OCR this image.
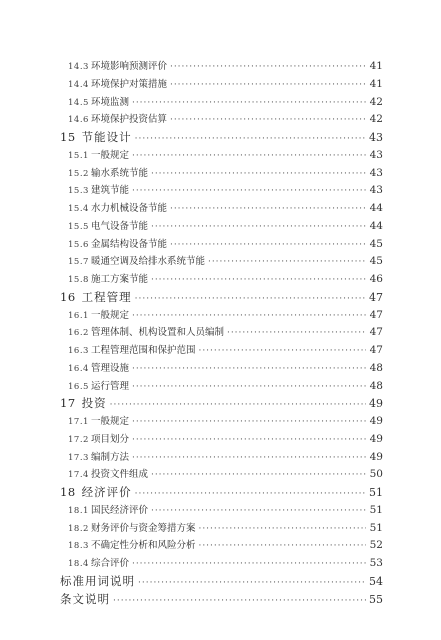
14.3 环境影响预测评价 ·····	41
14.4 环境保护对策措施 ·····	41
14.5 环境监测 ·····	42
14.6 环境保护投资估算 ·····	42
15 节能设计 ·····	43
15.1 一般规定 ·····	43
15.2 输水系统节能 ·····	43
15.3 建筑节能 ·····	43
15.4 水力机械设备节能 ·····	44
15.5 电气设备节能 ·····	44
15.6 金属结构设备节能 ·····	45
15.7 暖通空调及给排水系统节能 ·····	45
15.8 施工方案节能 ·····	46
16 工程管理 ·····	47
16.1 一般规定 ·····	47
16.2 管理体制、机构设置和人员编制 ·····	47
16.3 工程管理范围和保护范围 ·····	47
16.4 管理设施 ·····	48
16.5 运行管理 ·····	48
17 投资 ·····	49
17.1 一般规定 ·····	49
17.2 项目划分 ·····	49
17.3 编制方法 ·····	49
17.4 投资文件组成 ·····	50
18 经济评价 ·····	51
18.1 国民经济评价 ·····	51
18.2 财务评价与资金筹措方案 ·····	51
18.3 不确定性分析和风险分析 ·····	52
18.4 综合评价 ·····	53
标准用词说明 ·····	54
条文说明 ·····	55
